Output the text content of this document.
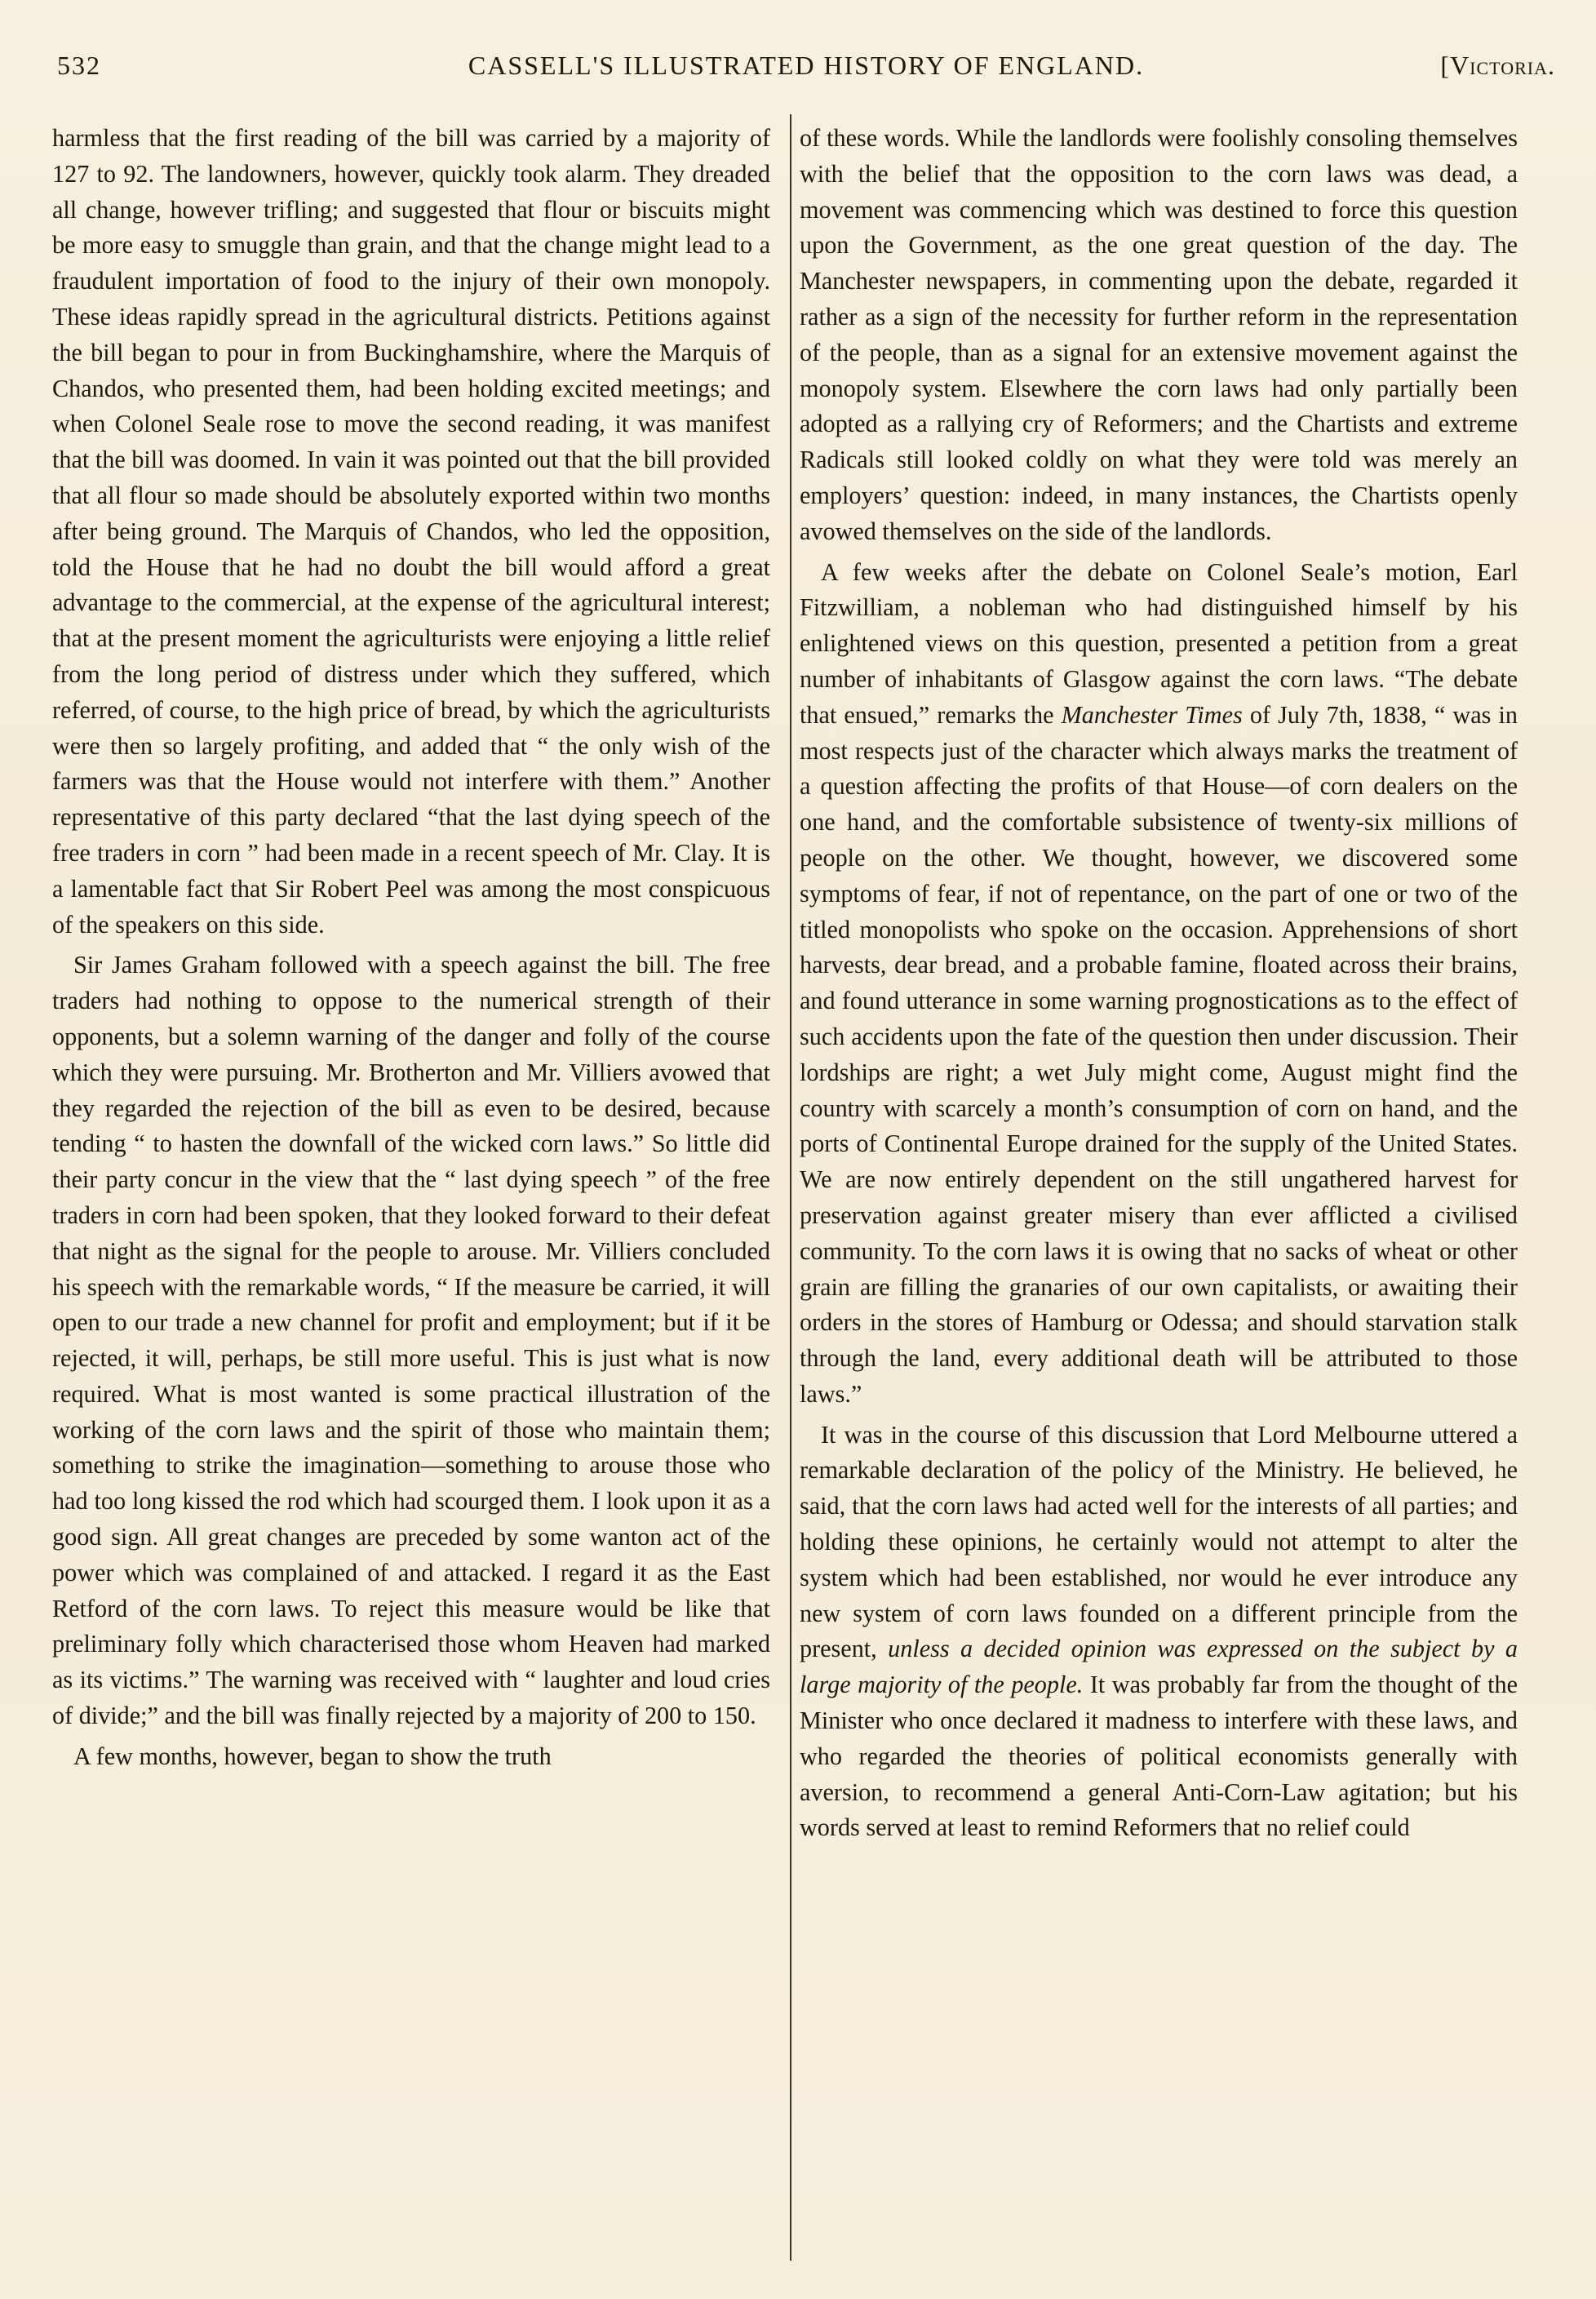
532	CASSELL'S ILLUSTRATED HISTORY OF ENGLAND.	[Victoria.

harmless that the first reading of the bill was carried by a majority of 127 to 92. The landowners, however, quickly took alarm. They dreaded all change, however trifling; and suggested that flour or biscuits might be more easy to smuggle than grain, and that the change might lead to a fraudulent importation of food to the injury of their own monopoly. These ideas rapidly spread in the agricultural districts. Petitions against the bill began to pour in from Buckinghamshire, where the Marquis of Chandos, who presented them, had been holding excited meetings; and when Colonel Seale rose to move the second reading, it was manifest that the bill was doomed. In vain it was pointed out that the bill provided that all flour so made should be absolutely exported within two months after being ground. The Marquis of Chandos, who led the opposition, told the House that he had no doubt the bill would afford a great advantage to the commercial, at the expense of the agricultural interest; that at the present moment the agriculturists were enjoying a little relief from the long period of distress under which they suffered, which referred, of course, to the high price of bread, by which the agriculturists were then so largely profiting, and added that “ the only wish of the farmers was that the House would not interfere with them.” Another representative of this party declared “that the last dying speech of the free traders in corn ” had been made in a recent speech of Mr. Clay. It is a lamentable fact that Sir Robert Peel was among the most conspicuous of the speakers on this side.

Sir James Graham followed with a speech against the bill. The free traders had nothing to oppose to the numerical strength of their opponents, but a solemn warning of the danger and folly of the course which they were pursuing. Mr. Brotherton and Mr. Villiers avowed that they regarded the rejection of the bill as even to be desired, because tending “ to hasten the downfall of the wicked corn laws.” So little did their party concur in the view that the “ last dying speech ” of the free traders in corn had been spoken, that they looked forward to their defeat that night as the signal for the people to arouse. Mr. Villiers concluded his speech with the remarkable words, “ If the measure be carried, it will open to our trade a new channel for profit and employment; but if it be rejected, it will, perhaps, be still more useful. This is just what is now required. What is most wanted is some practical illustration of the working of the corn laws and the spirit of those who maintain them; something to strike the imagination—something to arouse those who had too long kissed the rod which had scourged them. I look upon it as a good sign. All great changes are preceded by some wanton act of the power which was complained of and attacked. I regard it as the East Retford of the corn laws. To reject this measure would be like that preliminary folly which characterised those whom Heaven had marked as its victims.” The warning was received with “ laughter and loud cries of divide;” and the bill was finally rejected by a majority of 200 to 150.

A few months, however, began to show the truth

of these words. While the landlords were foolishly consoling themselves with the belief that the opposition to the corn laws was dead, a movement was commencing which was destined to force this question upon the Government, as the one great question of the day. The Manchester newspapers, in commenting upon the debate, regarded it rather as a sign of the necessity for further reform in the representation of the people, than as a signal for an extensive movement against the monopoly system. Elsewhere the corn laws had only partially been adopted as a rallying cry of Reformers; and the Chartists and extreme Radicals still looked coldly on what they were told was merely an employers’ question: indeed, in many instances, the Chartists openly avowed themselves on the side of the landlords.

A few weeks after the debate on Colonel Seale’s motion, Earl Fitzwilliam, a nobleman who had distinguished himself by his enlightened views on this question, presented a petition from a great number of inhabitants of Glasgow against the corn laws. “The debate that ensued,” remarks the Manchester Times of July 7th, 1838, “ was in most respects just of the character which always marks the treatment of a question affecting the profits of that House—of corn dealers on the one hand, and the comfortable subsistence of twenty-six millions of people on the other. We thought, however, we discovered some symptoms of fear, if not of repentance, on the part of one or two of the titled monopolists who spoke on the occasion. Apprehensions of short harvests, dear bread, and a probable famine, floated across their brains, and found utterance in some warning prognostications as to the effect of such accidents upon the fate of the question then under discussion. Their lordships are right; a wet July might come, August might find the country with scarcely a month’s consumption of corn on hand, and the ports of Continental Europe drained for the supply of the United States. We are now entirely dependent on the still ungathered harvest for preservation against greater misery than ever afflicted a civilised community. To the corn laws it is owing that no sacks of wheat or other grain are filling the granaries of our own capitalists, or awaiting their orders in the stores of Hamburg or Odessa; and should starvation stalk through the land, every additional death will be attributed to those laws.”

It was in the course of this discussion that Lord Melbourne uttered a remarkable declaration of the policy of the Ministry. He believed, he said, that the corn laws had acted well for the interests of all parties; and holding these opinions, he certainly would not attempt to alter the system which had been established, nor would he ever introduce any new system of corn laws founded on a different principle from the present, unless a decided opinion was expressed on the subject by a large majority of the people. It was probably far from the thought of the Minister who once declared it madness to interfere with these laws, and who regarded the theories of political economists generally with aversion, to recommend a general Anti-Corn-Law agitation; but his words served at least to remind Reformers that no relief could
